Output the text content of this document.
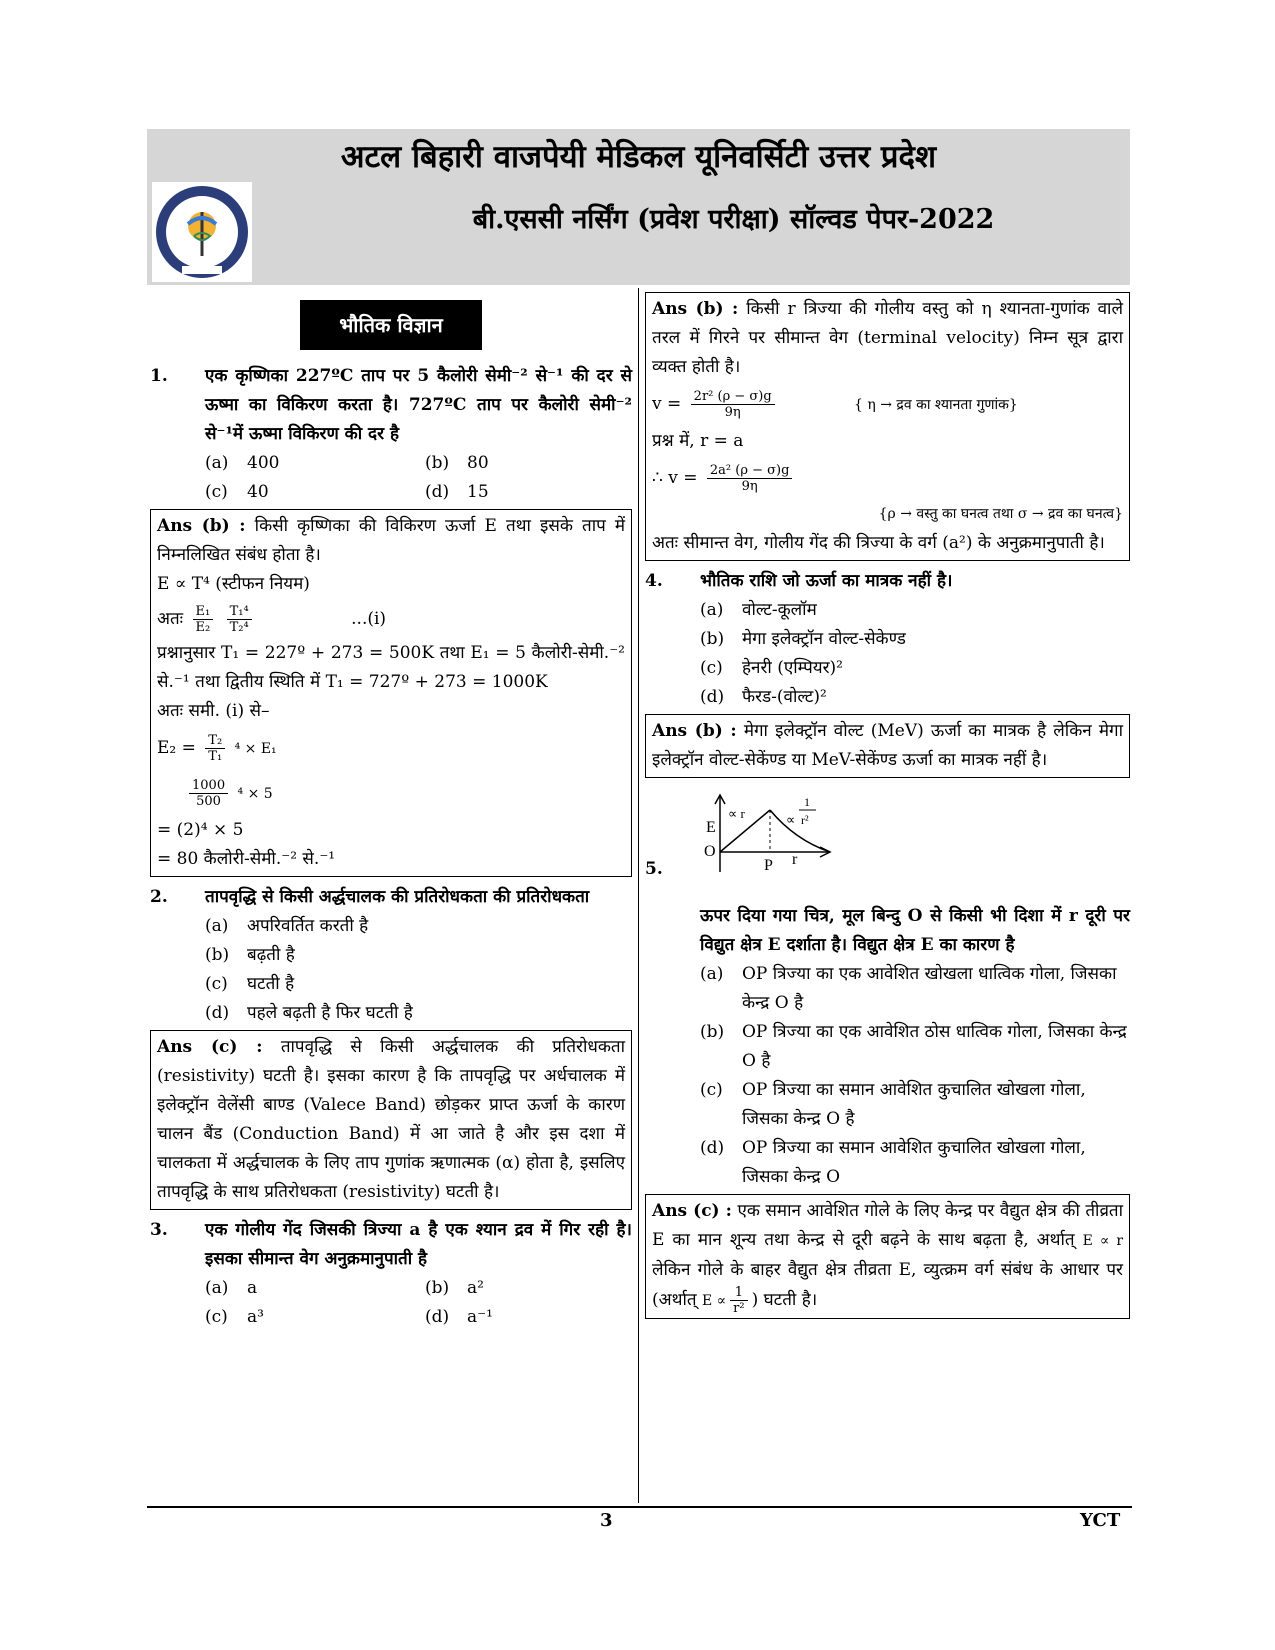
अटल बिहारी वाजपेयी मेडिकल यूनिवर्सिटी उत्तर प्रदेश
बी.एससी नर्सिंग (प्रवेश परीक्षा) सॉल्वड पेपर-2022
भौतिक विज्ञान
1.	एक कृष्णिका 227ºC ताप पर 5 कैलोरी सेमी⁻² से⁻¹ की दर से ऊष्मा का विकिरण करता है। 727ºC ताप पर कैलोरी सेमी⁻² से⁻¹में ऊष्मा विकिरण की दर है
(a)	400	(b)	80
(c)	40	(d)	15
Ans (b) : किसी कृष्णिका की विकिरण ऊर्जा E तथा इसके ताप में निम्नलिखित संबंध होता है।
E ∝ T⁴ (स्टीफन नियम)
अतः $\frac{\text{E₁}}{\text{E₂}}$
$\frac{\text{T₁⁴}}{\text{T₂⁴}}$	...(i)
प्रश्नानुसार T₁ = 227º + 273 = 500K तथा E₁ = 5 कैलोरी-सेमी.⁻² से.⁻¹ तथा द्वितीय स्थिति में T₁ = 727º + 273 = 1000K
अतः समी. (i) से–
$E_2 = \frac{\text{T₂}}{\text{T₁}} ^4 \times E_1$
$\frac{1000}{500} ^4 \times 5$
= (2)⁴ × 5
= 80 कैलोरी-सेमी.⁻² से.⁻¹
2.	तापवृद्धि से किसी अर्द्धचालक की प्रतिरोधकता की प्रतिरोधकता
(a)	अपरिवर्तित करती है
(b)	बढ़ती है
(c)	घटती है
(d)	पहले बढ़ती है फिर घटती है
Ans (c) : तापवृद्धि से किसी अर्द्धचालक की प्रतिरोधकता (resistivity) घटती है। इसका कारण है कि तापवृद्धि पर अर्धचालक में इलेक्ट्रॉन वेलेंसी बाण्ड (Valece Band) छोड़कर प्राप्त ऊर्जा के कारण चालन बैंड (Conduction Band) में आ जाते है और इस दशा में चालकता में अर्द्धचालक के लिए ताप गुणांक ऋणात्मक (α) होता है, इसलिए तापवृद्धि के साथ प्रतिरोधकता (resistivity) घटती है।
3.	एक गोलीय गेंद जिसकी त्रिज्या a है एक श्यान द्रव में गिर रही है। इसका सीमान्त वेग अनुक्रमानुपाती है
(a)	a	(b)	a²
(c)	a³	(d)	a⁻¹
Ans (b) : किसी r त्रिज्या की गोलीय वस्तु को η श्यानता-गुणांक वाले तरल में गिरने पर सीमान्त वेग (terminal velocity) निम्न सूत्र द्वारा व्यक्त होती है।
$v = \frac{\text{2r² (ρ − σ)g}}{9\eta}$	{ η → द्रव का श्यानता गुणांक}
प्रश्न में, r = a
∴ $v = \frac{\text{2a² (ρ − σ)g}}{9\eta}$
{ρ → वस्तु का घनत्व तथा σ → द्रव का घनत्व}
अतः सीमान्त वेग, गोलीय गेंद की त्रिज्या के वर्ग (a²) के अनुक्रमानुपाती है।
4.	भौतिक राशि जो ऊर्जा का मात्रक नहीं है।
(a)	वोल्ट-कूलॉम
(b)	मेगा इलेक्ट्रॉन वोल्ट-सेकेण्ड
(c)	हेनरी (एम्पियर)²
(d)	फैरड-(वोल्ट)²
Ans (b) : मेगा इलेक्ट्रॉन वोल्ट (MeV) ऊर्जा का मात्रक है लेकिन मेगा इलेक्ट्रॉन वोल्ट-सेकेंण्ड या MeV-सेकेंण्ड ऊर्जा का मात्रक नहीं है।
5.
E
O
P r
∝ r	∝
1
r²
ऊपर दिया गया चित्र, मूल बिन्दु O से किसी भी दिशा में r दूरी पर विद्युत क्षेत्र E दर्शाता है। विद्युत क्षेत्र E का कारण है
(a)	OP त्रिज्या का एक आवेशित खोखला धात्विक गोला, जिसका केन्द्र O है
(b)	OP त्रिज्या का एक आवेशित ठोस धात्विक गोला, जिसका केन्द्र O है
(c)	OP त्रिज्या का समान आवेशित कुचालित खोखला गोला, जिसका केन्द्र O है
(d)	OP त्रिज्या का समान आवेशित कुचालित खोखला गोला, जिसका केन्द्र O
Ans (c) : एक समान आवेशित गोले के लिए केन्द्र पर वैद्युत क्षेत्र की तीव्रता E का मान शून्य तथा केन्द्र से दूरी बढ़ने के साथ बढ़ता है, अर्थात् E ∝ r लेकिन गोले के बाहर वैद्युत क्षेत्र तीव्रता E, व्युत्क्रम वर्ग संबंध के आधार पर (अर्थात् $E \propto \frac{1}{\text{r²}}$ ) घटती है।
3	YCT
